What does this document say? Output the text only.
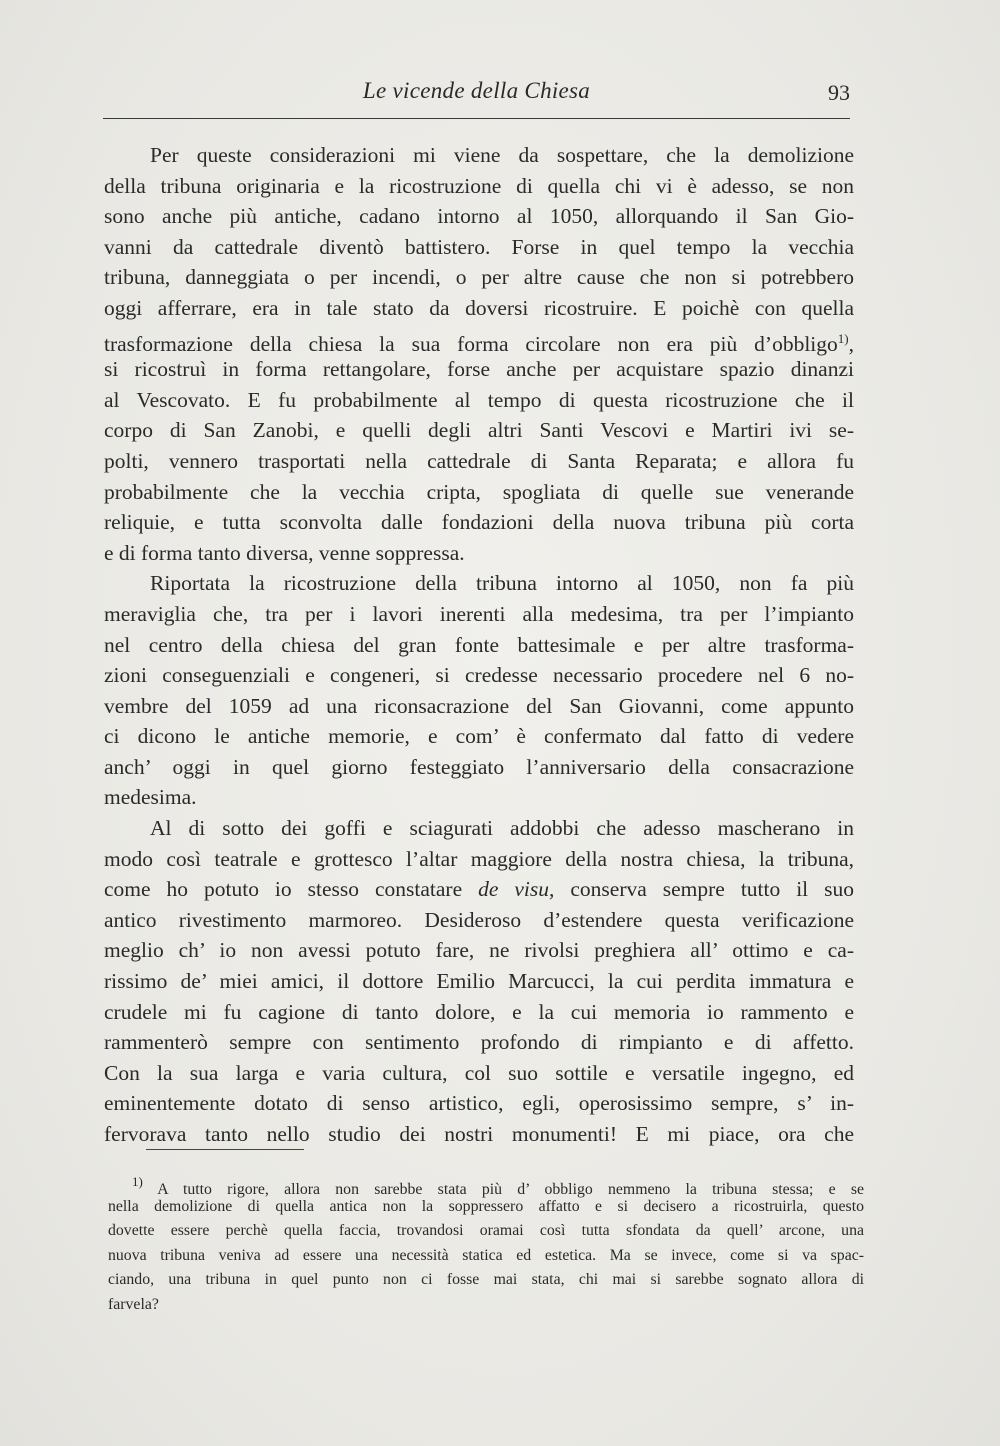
Le vicende della Chiesa	93
Per queste considerazioni mi viene da sospettare, che la demolizione
della tribuna originaria e la ricostruzione di quella chi vi è adesso, se non
sono anche più antiche, cadano intorno al 1050, allorquando il San Gio-
vanni da cattedrale diventò battistero. Forse in quel tempo la vecchia
tribuna, danneggiata o per incendi, o per altre cause che non si potrebbero
oggi afferrare, era in tale stato da doversi ricostruire. E poichè con quella
trasformazione della chiesa la sua forma circolare non era più d’obbligo$^{1)}$,
si ricostruì in forma rettangolare, forse anche per acquistare spazio dinanzi
al Vescovato. E fu probabilmente al tempo di questa ricostruzione che il
corpo di San Zanobi, e quelli degli altri Santi Vescovi e Martiri ivi se-
polti, vennero trasportati nella cattedrale di Santa Reparata; e allora fu
probabilmente che la vecchia cripta, spogliata di quelle sue venerande
reliquie, e tutta sconvolta dalle fondazioni della nuova tribuna più corta
e di forma tanto diversa, venne soppressa.
Riportata la ricostruzione della tribuna intorno al 1050, non fa più
meraviglia che, tra per i lavori inerenti alla medesima, tra per l’impianto
nel centro della chiesa del gran fonte battesimale e per altre trasforma-
zioni conseguenziali e congeneri, si credesse necessario procedere nel 6 no-
vembre del 1059 ad una riconsacrazione del San Giovanni, come appunto
ci dicono le antiche memorie, e com’ è confermato dal fatto di vedere
anch’ oggi in quel giorno festeggiato l’anniversario della consacrazione
medesima.
Al di sotto dei goffi e sciagurati addobbi che adesso mascherano in
modo così teatrale e grottesco l’altar maggiore della nostra chiesa, la tribuna,
come ho potuto io stesso constatare de visu, conserva sempre tutto il suo
antico rivestimento marmoreo. Desideroso d’estendere questa verificazione
meglio ch’ io non avessi potuto fare, ne rivolsi preghiera all’ ottimo e ca-
rissimo de’ miei amici, il dottore Emilio Marcucci, la cui perdita immatura e
crudele mi fu cagione di tanto dolore, e la cui memoria io rammento e
rammenterò sempre con sentimento profondo di rimpianto e di affetto.
Con la sua larga e varia cultura, col suo sottile e versatile ingegno, ed
eminentemente dotato di senso artistico, egli, operosissimo sempre, s’ in-
fervorava tanto nello studio dei nostri monumenti! E mi piace, ora che
$^{1)}$ A tutto rigore, allora non sarebbe stata più d’ obbligo nemmeno la tribuna stessa; e se
nella demolizione di quella antica non la soppressero affatto e si decisero a ricostruirla, questo
dovette essere perchè quella faccia, trovandosi oramai così tutta sfondata da quell’ arcone, una
nuova tribuna veniva ad essere una necessità statica ed estetica. Ma se invece, come si va spac-
ciando, una tribuna in quel punto non ci fosse mai stata, chi mai si sarebbe sognato allora di
farvela?
